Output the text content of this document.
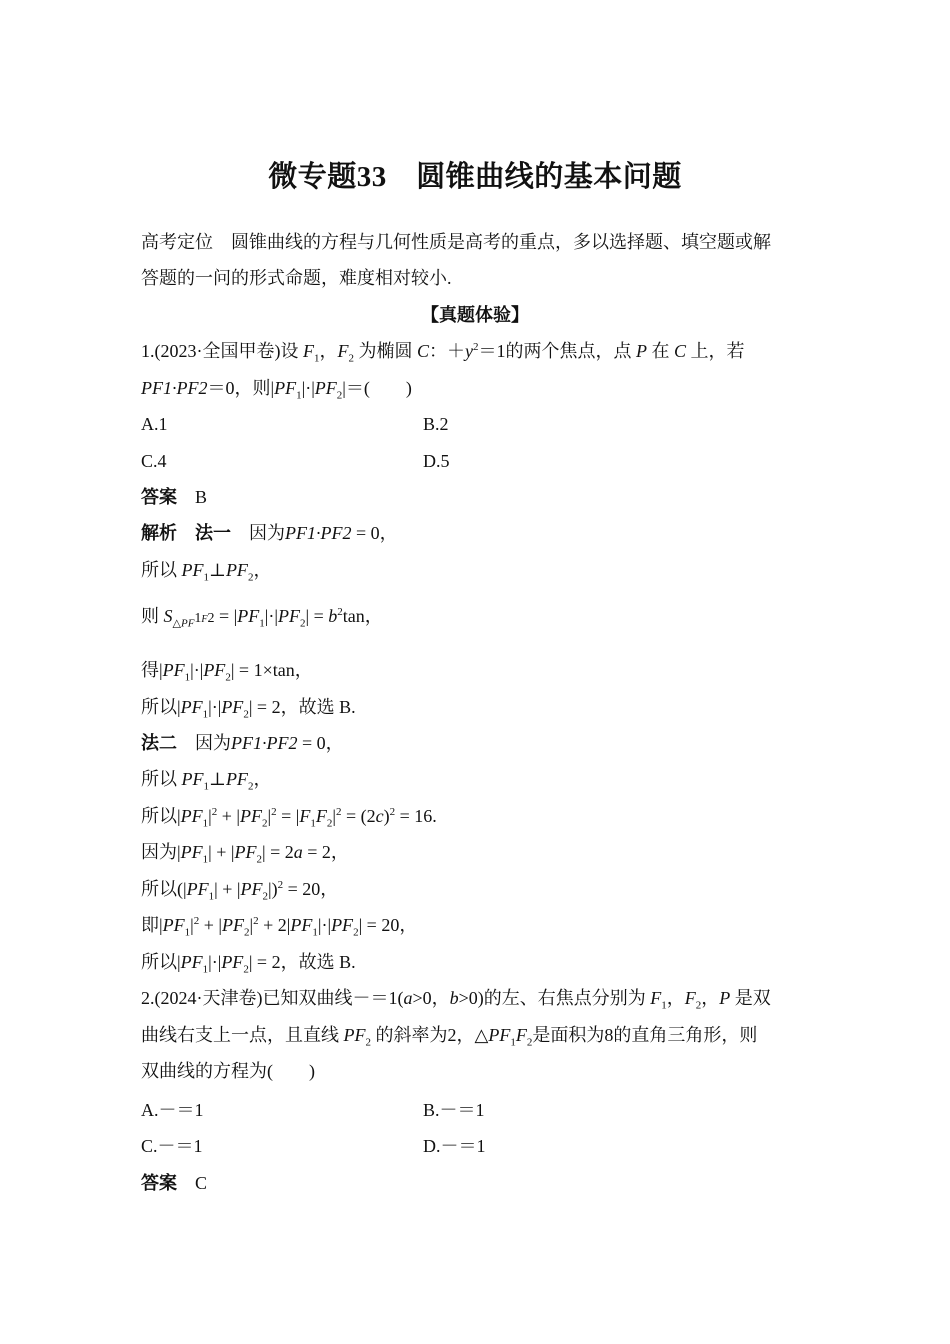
微专题33　圆锥曲线的基本问题
高考定位 圆锥曲线的方程与几何性质是高考的重点，多以选择题、填空题或解
答题的一问的形式命题，难度相对较小.
【真题体验】
1.(2023·全国甲卷)设 $F_1$，$F_2$ 为椭圆 C：$+y^2=1$的两个焦点，点 P 在 C 上，若
PF1·PF2＝0，则$|PF_1|\cdot|PF_2|=$(　　)
A.1	B.2
C.4	D.5
答案 B
解析 法一 因为PF1·PF2 = 0，
所以 $PF_1\perp PF_2$，
则 $S_{\triangle PF}1F2 = |PF_1|\cdot|PF_2| = b^2\tan$，
得$|PF_1|\cdot|PF_2| = 1\times\tan$，
所以$|PF_1|\cdot|PF_2| = 2$，故选 B.
法二 因为PF1·PF2 = 0，
所以 $PF_1\perp PF_2$，
所以$|PF_1|^2 + |PF_2|^2 = |F_1F_2|^2 = (2c)^2 = 16$.
因为$|PF_1| + |PF_2| = 2a = 2$，
所以$(|PF_1| + |PF_2|)^2 = 20$，
即$|PF_1|^2 + |PF_2|^2 + 2|PF_1|\cdot|PF_2| = 20$，
所以$|PF_1|\cdot|PF_2| = 2$，故选 B.
2.(2024·天津卷)已知双曲线－＝1(a>0，b>0)的左、右焦点分别为 $F_1$，$F_2$，P 是双
曲线右支上一点，且直线 $PF_2$ 的斜率为2，$\triangle PF_1F_2$是面积为8的直角三角形，则
双曲线的方程为(　　)
A.－＝1	B.－＝1
C.－＝1	D.－＝1
答案 C
